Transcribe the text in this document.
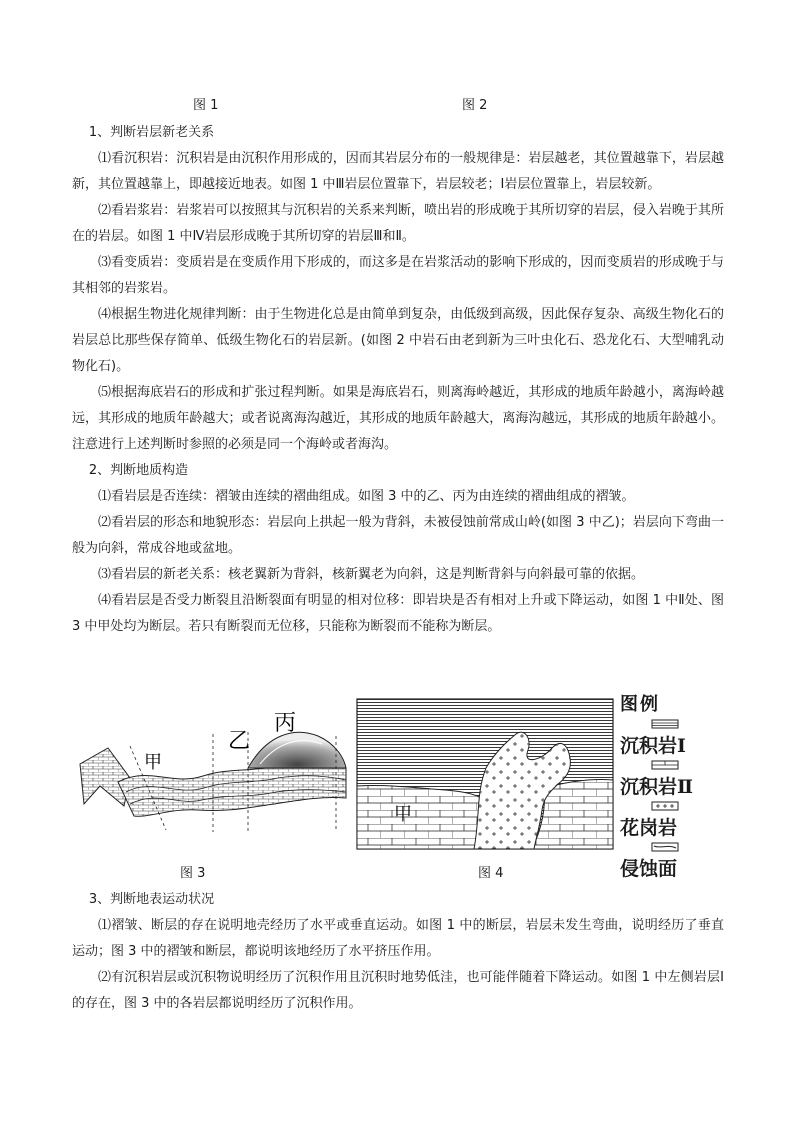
图 1	图 2

1、判断岩层新老关系

⑴看沉积岩：沉积岩是由沉积作用形成的，因而其岩层分布的一般规律是：岩层越老，其位置越靠下，岩层越新，其位置越靠上，即越接近地表。如图 1 中Ⅲ岩层位置靠下，岩层较老；Ⅰ岩层位置靠上，岩层较新。

⑵看岩浆岩：岩浆岩可以按照其与沉积岩的关系来判断，喷出岩的形成晚于其所切穿的岩层，侵入岩晚于其所在的岩层。如图 1 中Ⅳ岩层形成晚于其所切穿的岩层Ⅲ和Ⅱ。

⑶看变质岩：变质岩是在变质作用下形成的，而这多是在岩浆活动的影响下形成的，因而变质岩的形成晚于与其相邻的岩浆岩。

⑷根据生物进化规律判断：由于生物进化总是由简单到复杂，由低级到高级，因此保存复杂、高级生物化石的岩层总比那些保存简单、低级生物化石的岩层新。(如图 2 中岩石由老到新为三叶虫化石、恐龙化石、大型哺乳动物化石)。

⑸根据海底岩石的形成和扩张过程判断。如果是海底岩石，则离海岭越近，其形成的地质年龄越小，离海岭越远，其形成的地质年龄越大；或者说离海沟越近，其形成的地质年龄越大，离海沟越远，其形成的地质年龄越小。注意进行上述判断时参照的必须是同一个海岭或者海沟。

2、判断地质构造

⑴看岩层是否连续：褶皱由连续的褶曲组成。如图 3 中的乙、丙为由连续的褶曲组成的褶皱。

⑵看岩层的形态和地貌形态：岩层向上拱起一般为背斜，未被侵蚀前常成山岭(如图 3 中乙)；岩层向下弯曲一般为向斜，常成谷地或盆地。

⑶看岩层的新老关系：核老翼新为背斜，核新翼老为向斜，这是判断背斜与向斜最可靠的依据。

⑷看岩层是否受力断裂且沿断裂面有明显的相对位移：即岩块是否有相对上升或下降运动，如图 1 中Ⅱ处、图 3 中甲处均为断层。若只有断裂而无位移，只能称为断裂而不能称为断层。

甲
乙
丙
图 3
甲
图 4
图例
沉积岩Ⅰ
沉积岩Ⅱ
花岗岩
侵蚀面

3、判断地表运动状况

⑴褶皱、断层的存在说明地壳经历了水平或垂直运动。如图 1 中的断层，岩层未发生弯曲，说明经历了垂直运动；图 3 中的褶皱和断层，都说明该地经历了水平挤压作用。

⑵有沉积岩层或沉积物说明经历了沉积作用且沉积时地势低洼，也可能伴随着下降运动。如图 1 中左侧岩层Ⅰ的存在，图 3 中的各岩层都说明经历了沉积作用。
